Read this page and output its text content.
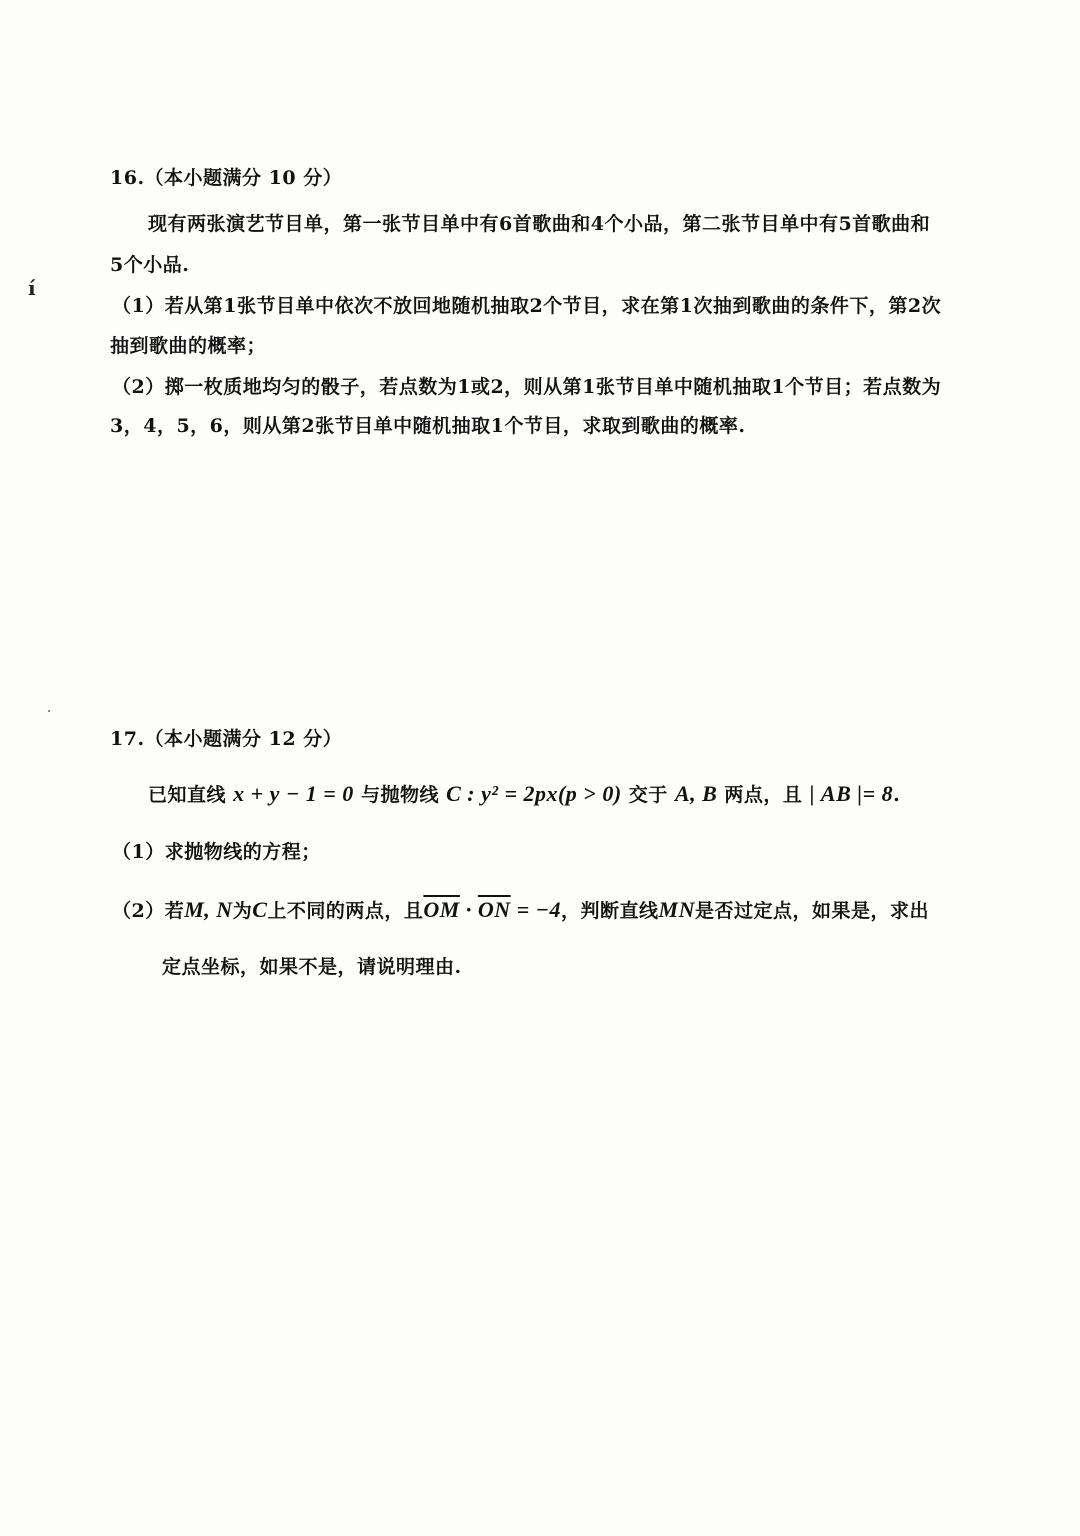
í
16.（本小题满分 10 分）
现有两张演艺节目单，第一张节目单中有6首歌曲和4个小品，第二张节目单中有5首歌曲和
5个小品.
（1）若从第1张节目单中依次不放回地随机抽取2个节目，求在第1次抽到歌曲的条件下，第2次
抽到歌曲的概率；
（2）掷一枚质地均匀的骰子，若点数为1或2，则从第1张节目单中随机抽取1个节目；若点数为
3，4，5，6，则从第2张节目单中随机抽取1个节目，求取到歌曲的概率.
17.（本小题满分 12 分）
已知直线 x + y − 1 = 0 与抛物线 C : y² = 2px(p > 0) 交于 A, B 两点，且 | AB |= 8.
（1）求抛物线的方程；
（2）若M, N为C上不同的两点，且$\overline{OM} \cdot \overline{ON} = -4$，判断直线MN是否过定点，如果是，求出
定点坐标，如果不是，请说明理由.
